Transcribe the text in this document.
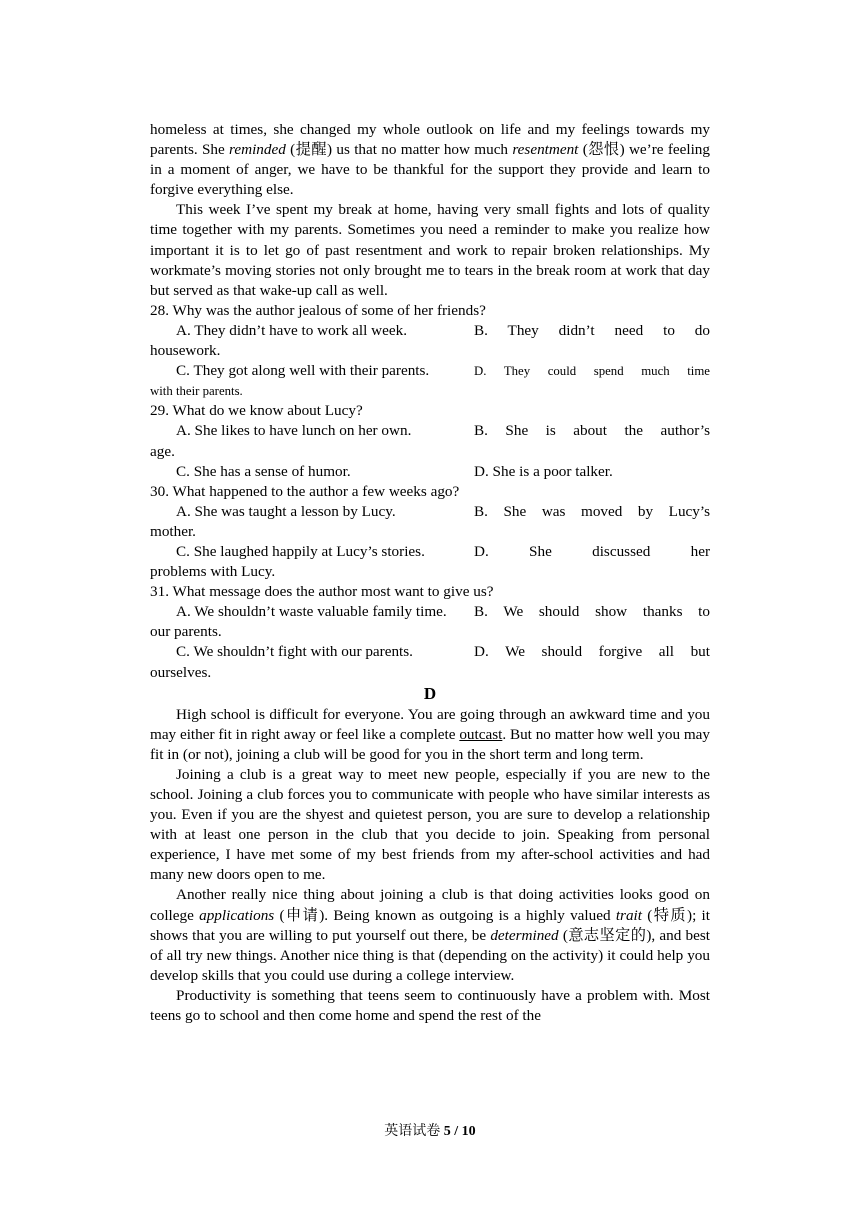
homeless at times, she changed my whole outlook on life and my feelings towards my parents. She reminded (提醒) us that no matter how much resentment (怨恨) we’re feeling in a moment of anger, we have to be thankful for the support they provide and learn to forgive everything else.

This week I’ve spent my break at home, having very small fights and lots of quality time together with my parents. Sometimes you need a reminder to make you realize how important it is to let go of past resentment and work to repair broken relationships. My workmate’s moving stories not only brought me to tears in the break room at work that day but served as that wake-up call as well.

28. Why was the author jealous of some of her friends?

A. They didn’t have to work all week.	B. They didn’t need to do

housework.

C. They got along well with their parents.	D. They could spend much time

with their parents.

29. What do we know about Lucy?

A. She likes to have lunch on her own.	B. She is about the author’s

age.

C. She has a sense of humor.	D. She is a poor talker.

30. What happened to the author a few weeks ago?

A. She was taught a lesson by Lucy.	B. She was moved by Lucy’s

mother.

C. She laughed happily at Lucy’s stories.	D. She discussed her

problems with Lucy.

31. What message does the author most want to give us?

A. We shouldn’t waste valuable family time.	B. We should show thanks to

our parents.

C. We shouldn’t fight with our parents.	D. We should forgive all but

ourselves.

D

High school is difficult for everyone. You are going through an awkward time and you may either fit in right away or feel like a complete outcast. But no matter how well you may fit in (or not), joining a club will be good for you in the short term and long term.

Joining a club is a great way to meet new people, especially if you are new to the school. Joining a club forces you to communicate with people who have similar interests as you. Even if you are the shyest and quietest person, you are sure to develop a relationship with at least one person in the club that you decide to join. Speaking from personal experience, I have met some of my best friends from my after-school activities and had many new doors open to me.

Another really nice thing about joining a club is that doing activities looks good on college applications (申请). Being known as outgoing is a highly valued trait (特质); it shows that you are willing to put yourself out there, be determined (意志坚定的), and best of all try new things. Another nice thing is that (depending on the activity) it could help you develop skills that you could use during a college interview.

Productivity is something that teens seem to continuously have a problem with. Most teens go to school and then come home and spend the rest of the

英语试卷 5 / 10
